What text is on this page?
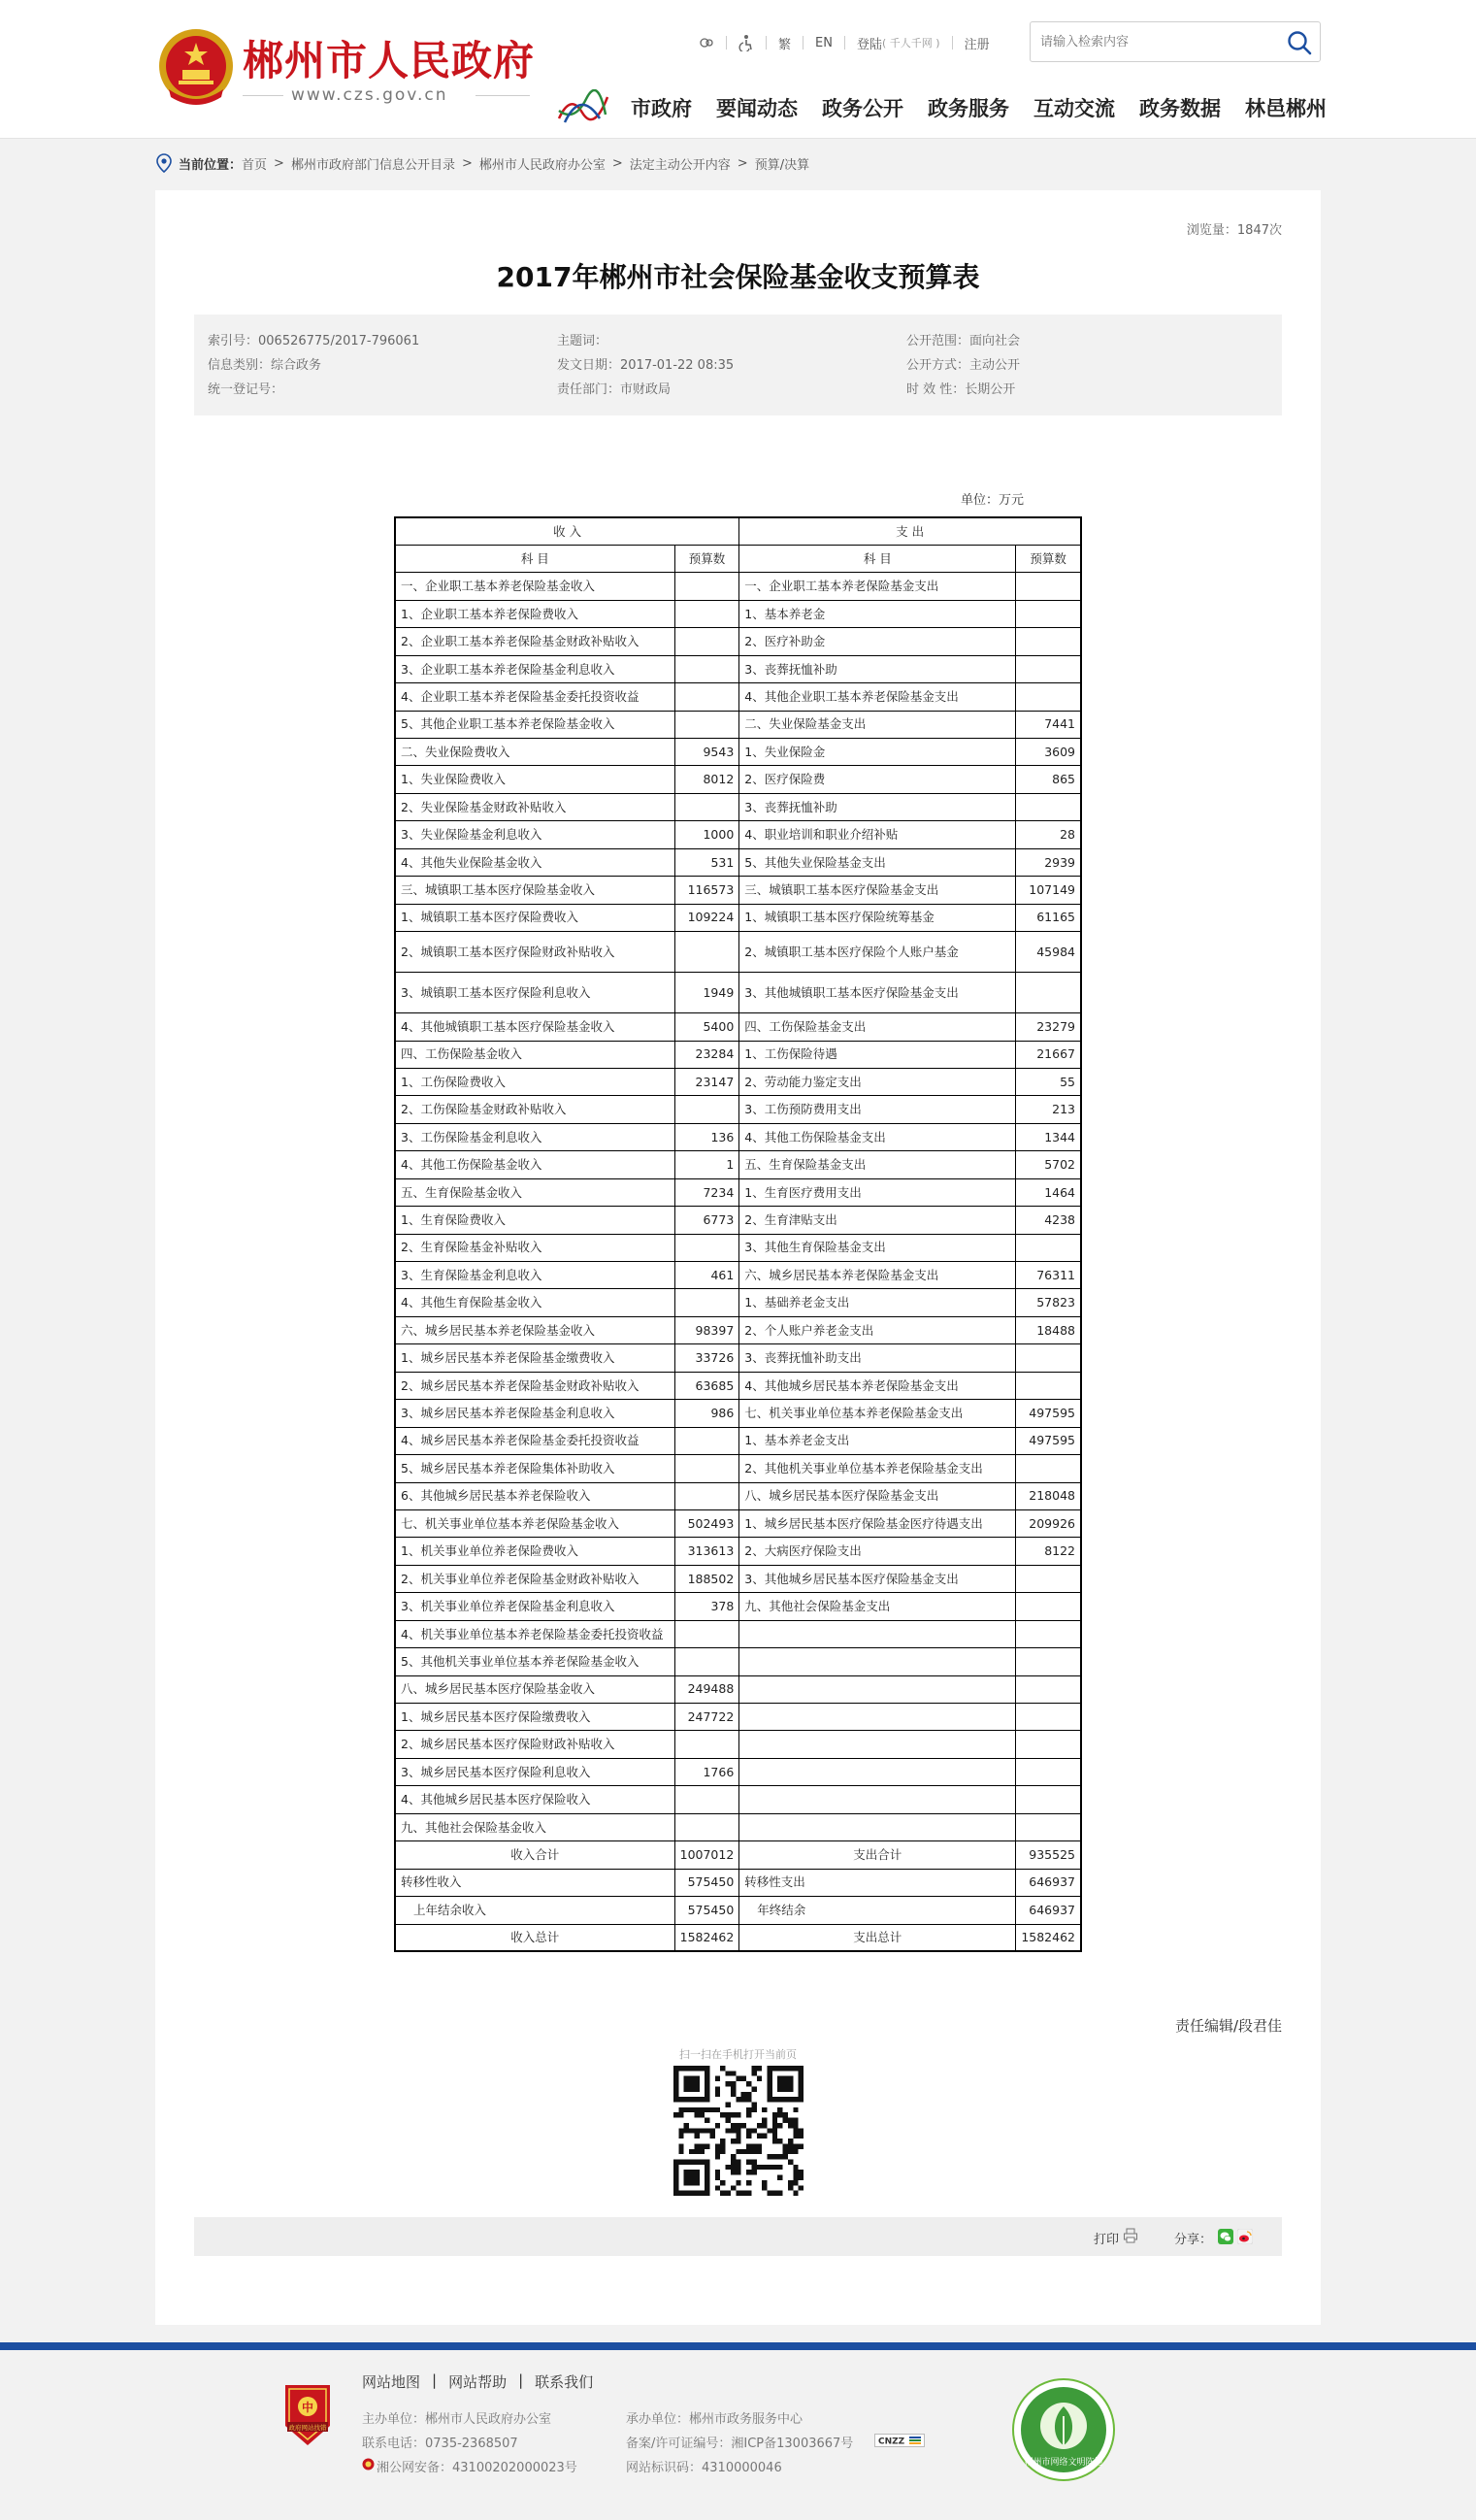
郴州市人民政府
www.czs.gov.cn
繁 EN 登陆 ( 千人千网 ) 注册
请输入检索内容
市政府 要闻动态 政务公开 政务服务 互动交流 政务数据 林邑郴州
当前位置： 首页 > 郴州市政府部门信息公开目录 > 郴州市人民政府办公室 > 法定主动公开内容 > 预算/决算
浏览量：1847次
2017年郴州市社会保险基金收支预算表
索引号：006526775/2017-796061
信息类别：综合政务
统一登记号：
主题词：
发文日期：2017-01-22 08:35
责任部门：市财政局
公开范围：面向社会
公开方式：主动公开
时 效 性：长期公开
单位：万元
收 入		支 出	
科 目	预算数	科 目	预算数
一、企业职工基本养老保险基金收入		一、企业职工基本养老保险基金支出	
1、企业职工基本养老保险费收入		1、基本养老金	
2、企业职工基本养老保险基金财政补贴收入		2、医疗补助金	
3、企业职工基本养老保险基金利息收入		3、丧葬抚恤补助	
4、企业职工基本养老保险基金委托投资收益		4、其他企业职工基本养老保险基金支出	
5、其他企业职工基本养老保险基金收入		二、失业保险基金支出	7441
二、失业保险费收入	9543	1、失业保险金	3609
1、失业保险费收入	8012	2、医疗保险费	865
2、失业保险基金财政补贴收入		3、丧葬抚恤补助	
3、失业保险基金利息收入	1000	4、职业培训和职业介绍补贴	28
4、其他失业保险基金收入	531	5、其他失业保险基金支出	2939
三、城镇职工基本医疗保险基金收入	116573	三、城镇职工基本医疗保险基金支出	107149
1、城镇职工基本医疗保险费收入	109224	1、城镇职工基本医疗保险统筹基金	61165
2、城镇职工基本医疗保险财政补贴收入		2、城镇职工基本医疗保险个人账户基金	45984
3、城镇职工基本医疗保险利息收入	1949	3、其他城镇职工基本医疗保险基金支出	
4、其他城镇职工基本医疗保险基金收入	5400	四、工伤保险基金支出	23279
四、工伤保险基金收入	23284	1、工伤保险待遇	21667
1、工伤保险费收入	23147	2、劳动能力鉴定支出	55
2、工伤保险基金财政补贴收入		3、工伤预防费用支出	213
3、工伤保险基金利息收入	136	4、其他工伤保险基金支出	1344
4、其他工伤保险基金收入	1	五、生育保险基金支出	5702
五、生育保险基金收入	7234	1、生育医疗费用支出	1464
1、生育保险费收入	6773	2、生育津贴支出	4238
2、生育保险基金补贴收入		3、其他生育保险基金支出	
3、生育保险基金利息收入	461	六、城乡居民基本养老保险基金支出	76311
4、其他生育保险基金收入		1、基础养老金支出	57823
六、城乡居民基本养老保险基金收入	98397	2、个人账户养老金支出	18488
1、城乡居民基本养老保险基金缴费收入	33726	3、丧葬抚恤补助支出	
2、城乡居民基本养老保险基金财政补贴收入	63685	4、其他城乡居民基本养老保险基金支出	
3、城乡居民基本养老保险基金利息收入	986	七、机关事业单位基本养老保险基金支出	497595
4、城乡居民基本养老保险基金委托投资收益		1、基本养老金支出	497595
5、城乡居民基本养老保险集体补助收入		2、其他机关事业单位基本养老保险基金支出	
6、其他城乡居民基本养老保险收入		八、城乡居民基本医疗保险基金支出	218048
七、机关事业单位基本养老保险基金收入	502493	1、城乡居民基本医疗保险基金医疗待遇支出	209926
1、机关事业单位养老保险费收入	313613	2、大病医疗保险支出	8122
2、机关事业单位养老保险基金财政补贴收入	188502	3、其他城乡居民基本医疗保险基金支出	
3、机关事业单位养老保险基金利息收入	378	九、其他社会保险基金支出	
4、机关事业单位基本养老保险基金委托投资收益			
5、其他机关事业单位基本养老保险基金收入			
八、城乡居民基本医疗保险基金收入	249488		
1、城乡居民基本医疗保险缴费收入	247722		
2、城乡居民基本医疗保险财政补贴收入			
3、城乡居民基本医疗保险利息收入	1766		
4、其他城乡居民基本医疗保险收入			
九、其他社会保险基金收入			
收入合计	1007012	支出合计	935525
转移性收入	575450	转移性支出	646937
上年结余收入	575450	年终结余	646937
收入总计	1582462	支出总计	1582462
责任编辑/段君佳
扫一扫在手机打开当前页
打印	分享：
中
政府网站找错
网站地图 | 网站帮助 | 联系我们
主办单位：郴州市人民政府办公室
联系电话：0735-2368507
湘公网安备：43100202000023号
承办单位：郴州市政务服务中心
备案/许可证编号：湘ICP备13003667号	CNZZ
网站标识码：4310000046	郴州市网络文明阵地
